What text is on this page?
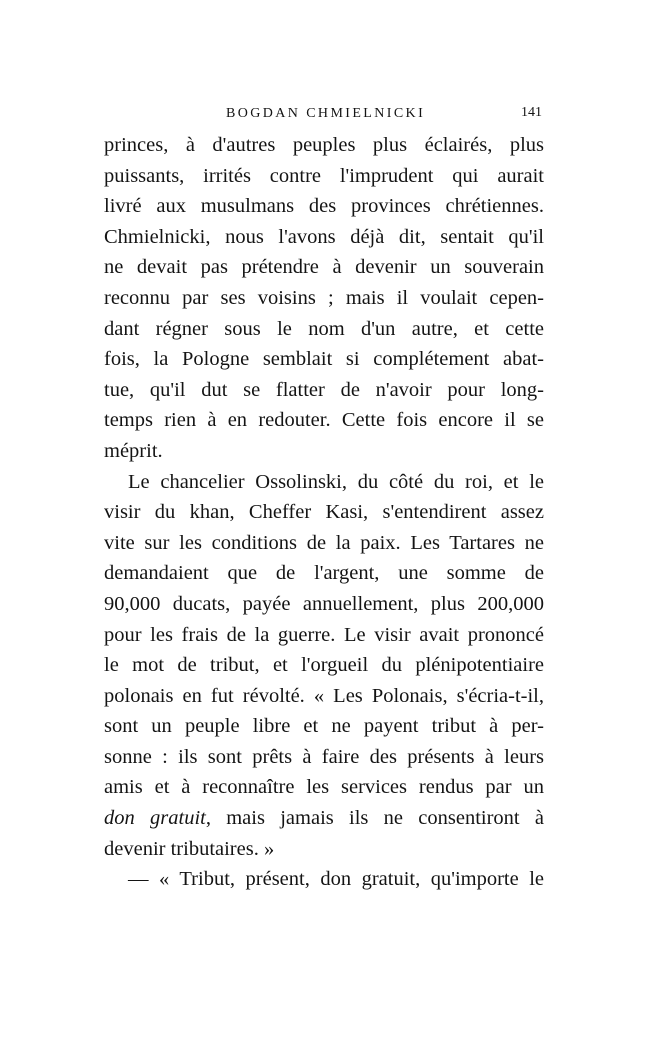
BOGDAN CHMIELNICKI	141
princes, à d'autres peuples plus éclairés, plus
puissants, irrités contre l'imprudent qui aurait
livré aux musulmans des provinces chrétiennes.
Chmielnicki, nous l'avons déjà dit, sentait qu'il
ne devait pas prétendre à devenir un souverain
reconnu par ses voisins ; mais il voulait cepen-
dant régner sous le nom d'un autre, et cette
fois, la Pologne semblait si complétement abat-
tue, qu'il dut se flatter de n'avoir pour long-
temps rien à en redouter. Cette fois encore il se
méprit.
Le chancelier Ossolinski, du côté du roi, et le
visir du khan, Cheffer Kasi, s'entendirent assez
vite sur les conditions de la paix. Les Tartares ne
demandaient que de l'argent, une somme de
90,000 ducats, payée annuellement, plus 200,000
pour les frais de la guerre. Le visir avait prononcé
le mot de tribut, et l'orgueil du plénipotentiaire
polonais en fut révolté. « Les Polonais, s'écria-t-il,
sont un peuple libre et ne payent tribut à per-
sonne : ils sont prêts à faire des présents à leurs
amis et à reconnaître les services rendus par un
don gratuit, mais jamais ils ne consentiront à
devenir tributaires. »
— « Tribut, présent, don gratuit, qu'importe le
